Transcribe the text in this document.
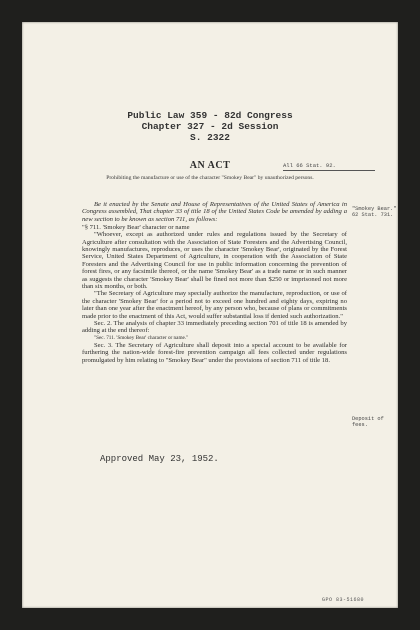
Public Law 359 - 82d Congress
Chapter 327 - 2d Session
S. 2322
AN ACT	All 66 Stat. 92.
Prohibiting the manufacture or use of the character "Smokey Bear" by unauthorized persons.

Be it enacted by the Senate and House of Representatives of the United States of America in Congress assembled, That chapter 33 of title 18 of the United States Code be amended by adding a new section to be known as section 711, as follows:

"§ 711. 'Smokey Bear' character or name

"Whoever, except as authorized under rules and regulations issued by the Secretary of Agriculture after consultation with the Association of State Foresters and the Advertising Council, knowingly manufactures, reproduces, or uses the character 'Smokey Bear', originated by the Forest Service, United States Department of Agriculture, in cooperation with the Association of State Foresters and the Advertising Council for use in public information concerning the prevention of forest fires, or any facsimile thereof, or the name 'Smokey Bear' as a trade name or in such manner as suggests the character 'Smokey Bear' shall be fined not more than $250 or imprisoned not more than six months, or both.

"The Secretary of Agriculture may specially authorize the manufacture, reproduction, or use of the character 'Smokey Bear' for a period not to exceed one hundred and eighty days, expiring no later than one year after the enactment hereof, by any person who, because of plans or commitments made prior to the enactment of this Act, would suffer substantial loss if denied such authorization."

Sec. 2. The analysis of chapter 33 immediately preceding section 701 of title 18 is amended by adding at the end thereof:

"Sec. 711. 'Smokey Bear' character or name."

Sec. 3. The Secretary of Agriculture shall deposit into a special account to be available for furthering the nation-wide forest-fire prevention campaign all fees collected under regulations promulgated by him relating to "Smokey Bear" under the provisions of section 711 of title 18.

"Smokey Bear."
62 Stat. 731.
Deposit of
fees.
Approved May 23, 1952.
GPO 83-51680
